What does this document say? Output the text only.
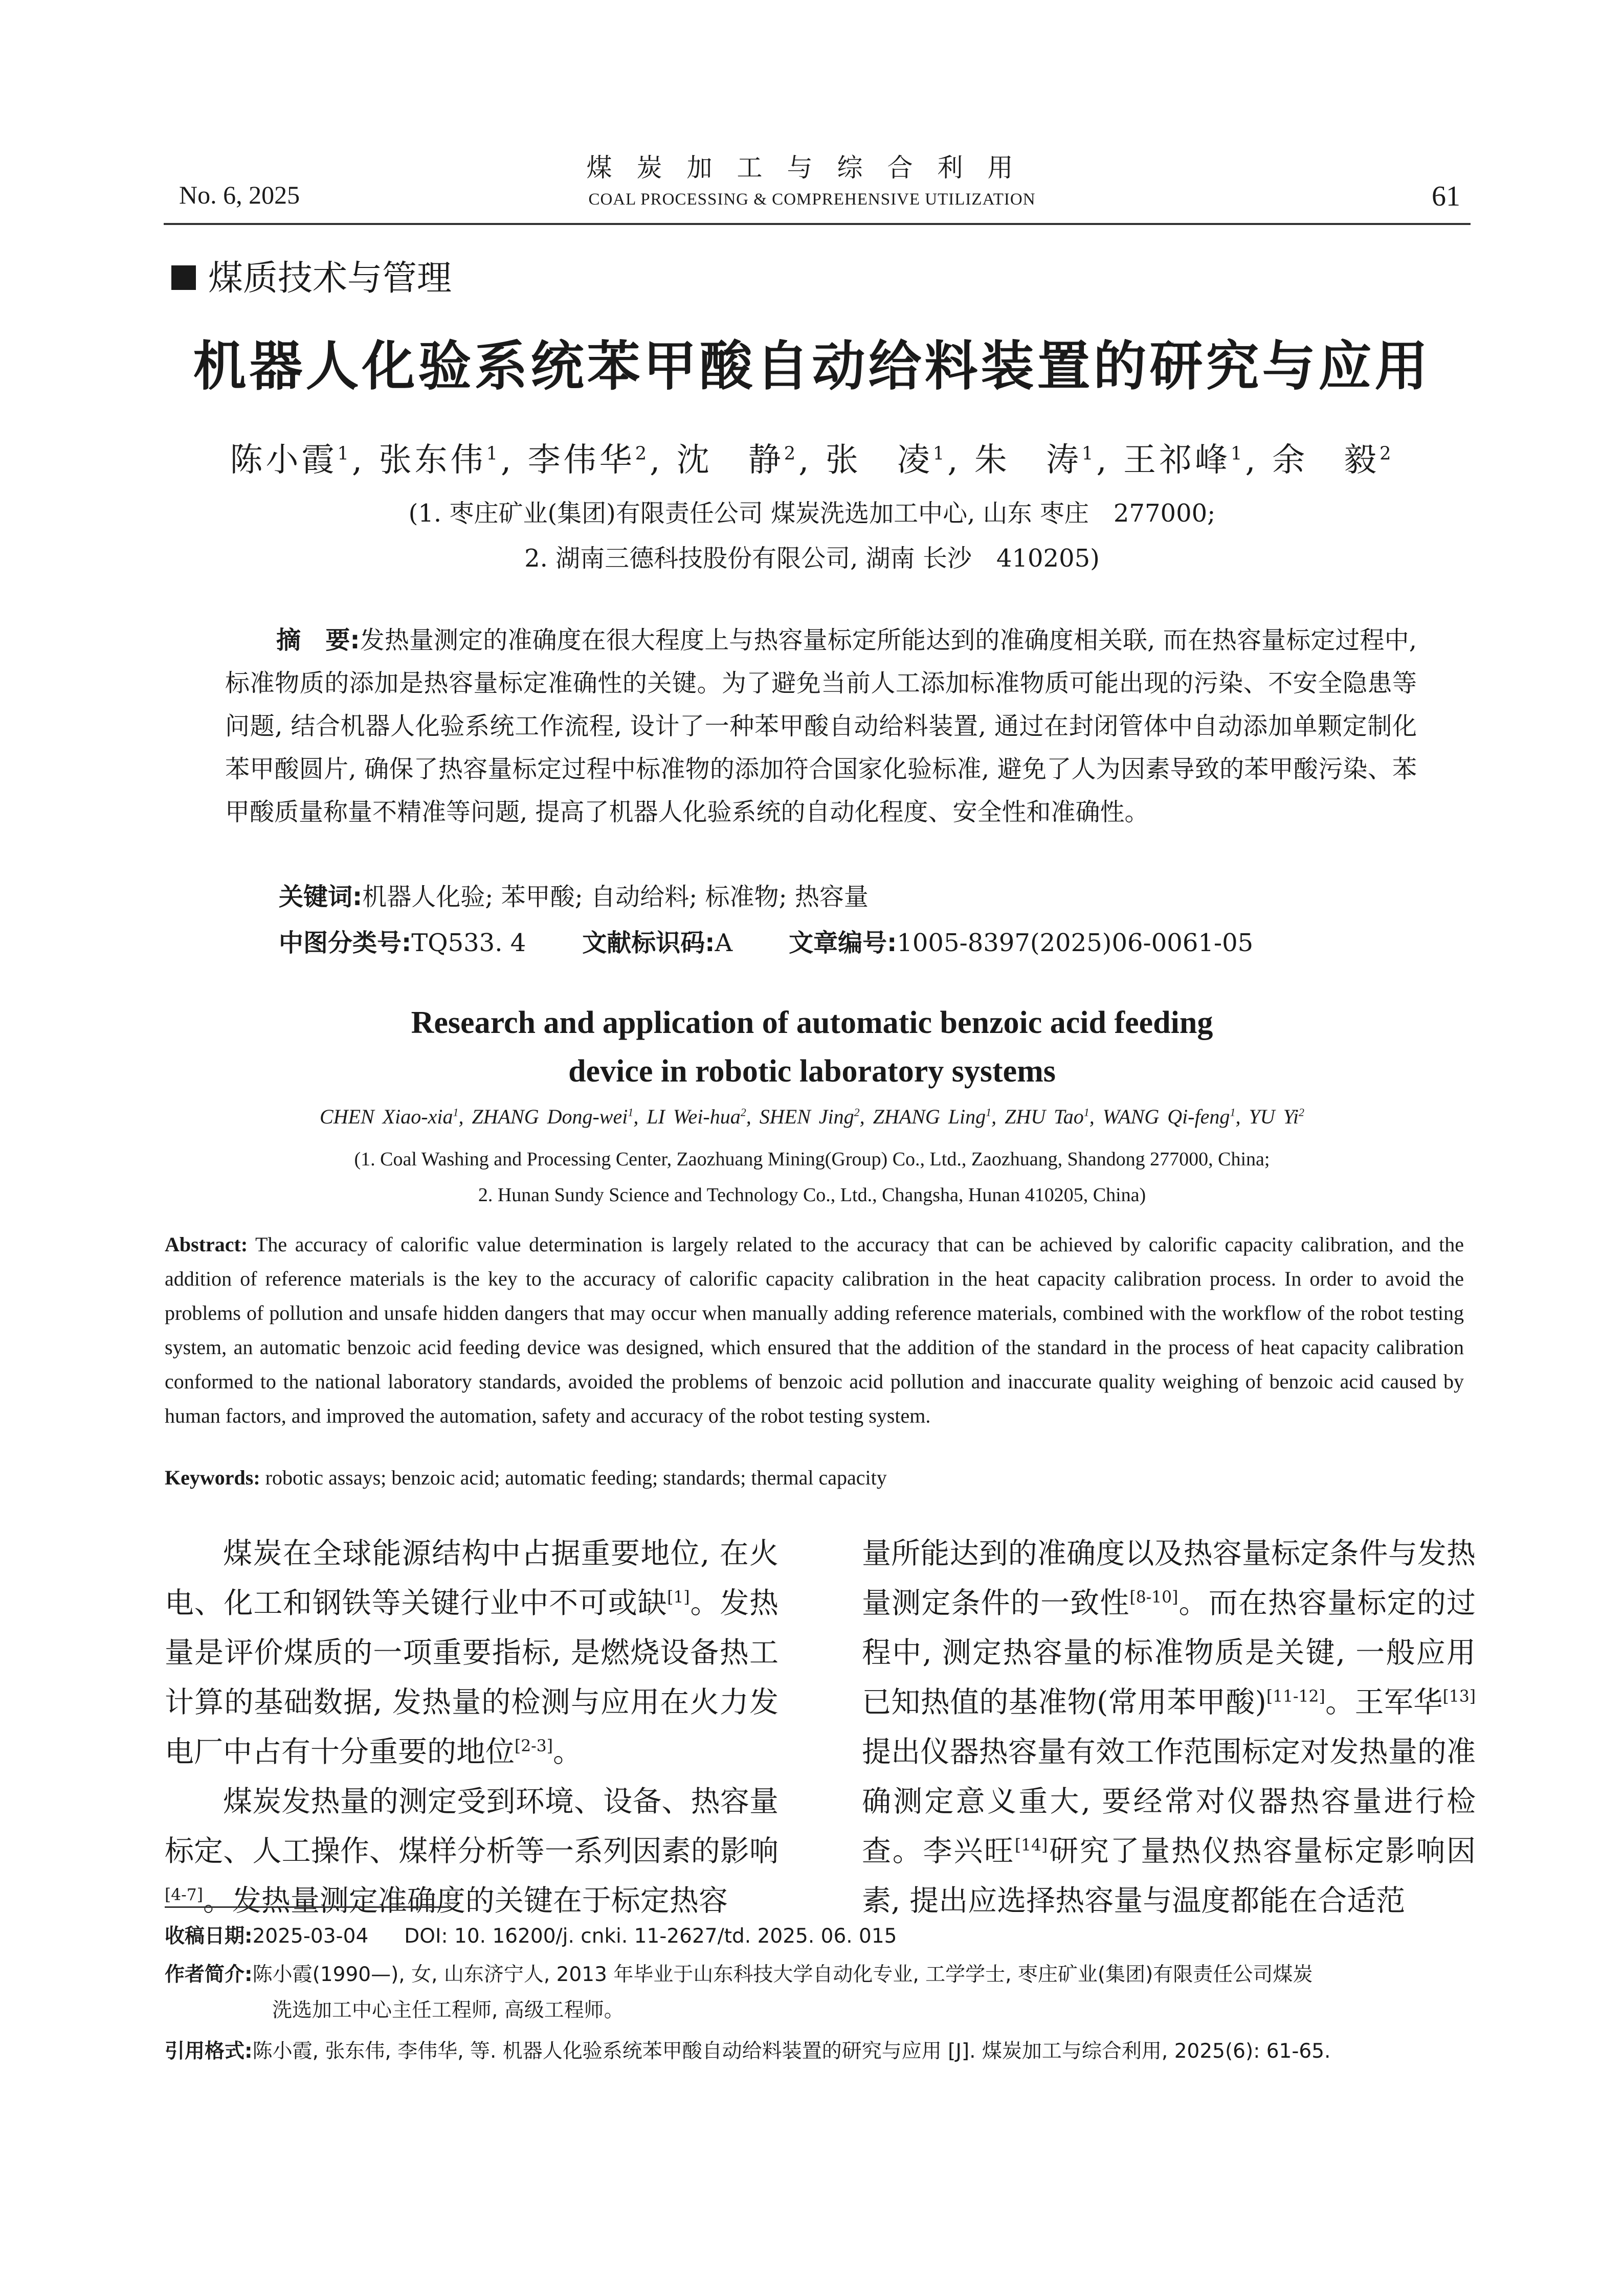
No. 6, 2025
煤炭加工与综合利用
COAL PROCESSING & COMPREHENSIVE UTILIZATION	61
煤质技术与管理
机器人化验系统苯甲酸自动给料装置的研究与应用
陈小霞$^1$, 张东伟$^1$, 李伟华$^2$, 沈　静$^2$, 张　凌$^1$, 朱　涛$^1$, 王祁峰$^1$, 余　毅$^2$
(1. 枣庄矿业(集团)有限责任公司 煤炭洗选加工中心, 山东 枣庄　277000;
2. 湖南三德科技股份有限公司, 湖南 长沙　410205)
摘　要:发热量测定的准确度在很大程度上与热容量标定所能达到的准确度相关联, 而在热容量标定过程中, 标准物质的添加是热容量标定准确性的关键。为了避免当前人工添加标准物质可能出现的污染、不安全隐患等问题, 结合机器人化验系统工作流程, 设计了一种苯甲酸自动给料装置, 通过在封闭管体中自动添加单颗定制化苯甲酸圆片, 确保了热容量标定过程中标准物的添加符合国家化验标准, 避免了人为因素导致的苯甲酸污染、苯甲酸质量称量不精准等问题, 提高了机器人化验系统的自动化程度、安全性和准确性。
关键词:机器人化验; 苯甲酸; 自动给料; 标准物; 热容量
中图分类号:TQ533. 4 文献标识码:A 文章编号:1005-8397(2025)06-0061-05
Research and application of automatic benzoic acid feeding
device in robotic laboratory systems
CHEN Xiao-xia$^1$, ZHANG Dong-wei$^1$, LI Wei-hua$^2$, SHEN Jing$^2$, ZHANG Ling$^1$, ZHU Tao$^1$, WANG Qi-feng$^1$, YU Yi$^2$
(1. Coal Washing and Processing Center, Zaozhuang Mining(Group) Co., Ltd., Zaozhuang, Shandong 277000, China;
2. Hunan Sundy Science and Technology Co., Ltd., Changsha, Hunan 410205, China)
Abstract: The accuracy of calorific value determination is largely related to the accuracy that can be achieved by calorific capacity calibration, and the addition of reference materials is the key to the accuracy of calorific capacity calibration in the heat capacity calibration process. In order to avoid the problems of pollution and unsafe hidden dangers that may occur when manually adding reference materials, combined with the workflow of the robot testing system, an automatic benzoic acid feeding device was designed, which ensured that the addition of the standard in the process of heat capacity calibration conformed to the national laboratory standards, avoided the problems of benzoic acid pollution and inaccurate quality weighing of benzoic acid caused by human factors, and improved the automation, safety and accuracy of the robot testing system.
Keywords: robotic assays; benzoic acid; automatic feeding; standards; thermal capacity

煤炭在全球能源结构中占据重要地位, 在火电、化工和钢铁等关键行业中不可或缺[1]。发热量是评价煤质的一项重要指标, 是燃烧设备热工计算的基础数据, 发热量的检测与应用在火力发电厂中占有十分重要的地位[2-3]。

煤炭发热量的测定受到环境、设备、热容量标定、人工操作、煤样分析等一系列因素的影响[4-7]。发热量测定准确度的关键在于标定热容

量所能达到的准确度以及热容量标定条件与发热量测定条件的一致性[8-10]。而在热容量标定的过程中, 测定热容量的标准物质是关键, 一般应用已知热值的基准物(常用苯甲酸)[11-12]。王军华[13]提出仪器热容量有效工作范围标定对发热量的准确测定意义重大, 要经常对仪器热容量进行检查。李兴旺[14]研究了量热仪热容量标定影响因素, 提出应选择热容量与温度都能在合适范

收稿日期:2025-03-04 DOI: 10. 16200/j. cnki. 11-2627/td. 2025. 06. 015
作者简介:陈小霞(1990—), 女, 山东济宁人, 2013 年毕业于山东科技大学自动化专业, 工学学士, 枣庄矿业(集团)有限责任公司煤炭
洗选加工中心主任工程师, 高级工程师。
引用格式:陈小霞, 张东伟, 李伟华, 等. 机器人化验系统苯甲酸自动给料装置的研究与应用 [J]. 煤炭加工与综合利用, 2025(6): 61-65.
